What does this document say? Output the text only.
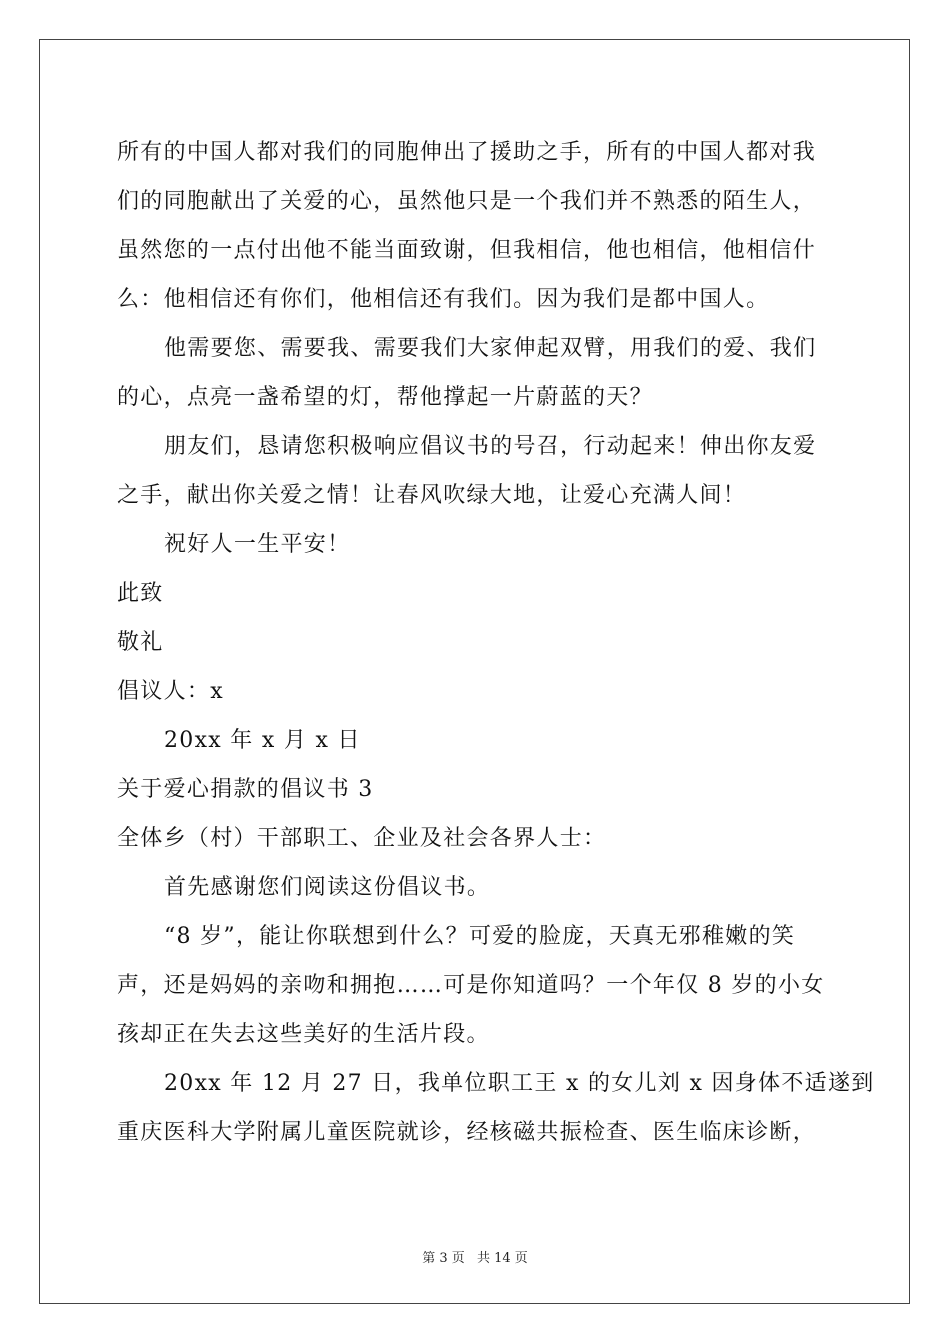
所有的中国人都对我们的同胞伸出了援助之手，所有的中国人都对我
们的同胞献出了关爱的心，虽然他只是一个我们并不熟悉的陌生人，
虽然您的一点付出他不能当面致谢，但我相信，他也相信，他相信什
么：他相信还有你们，他相信还有我们。因为我们是都中国人。
他需要您、需要我、需要我们大家伸起双臂，用我们的爱、我们
的心，点亮一盏希望的灯，帮他撑起一片蔚蓝的天？
朋友们，恳请您积极响应倡议书的号召，行动起来！伸出你友爱
之手，献出你关爱之情！让春风吹绿大地，让爱心充满人间！
祝好人一生平安！
此致
敬礼
倡议人：x
20xx 年 x 月 x 日
关于爱心捐款的倡议书 3
全体乡（村）干部职工、企业及社会各界人士：
首先感谢您们阅读这份倡议书。
“8 岁”，能让你联想到什么？可爱的脸庞，天真无邪稚嫩的笑
声，还是妈妈的亲吻和拥抱……可是你知道吗？一个年仅 8 岁的小女
孩却正在失去这些美好的生活片段。
20xx 年 12 月 27 日，我单位职工王 x 的女儿刘 x 因身体不适遂到
重庆医科大学附属儿童医院就诊，经核磁共振检查、医生临床诊断，
第 3 页 共 14 页
